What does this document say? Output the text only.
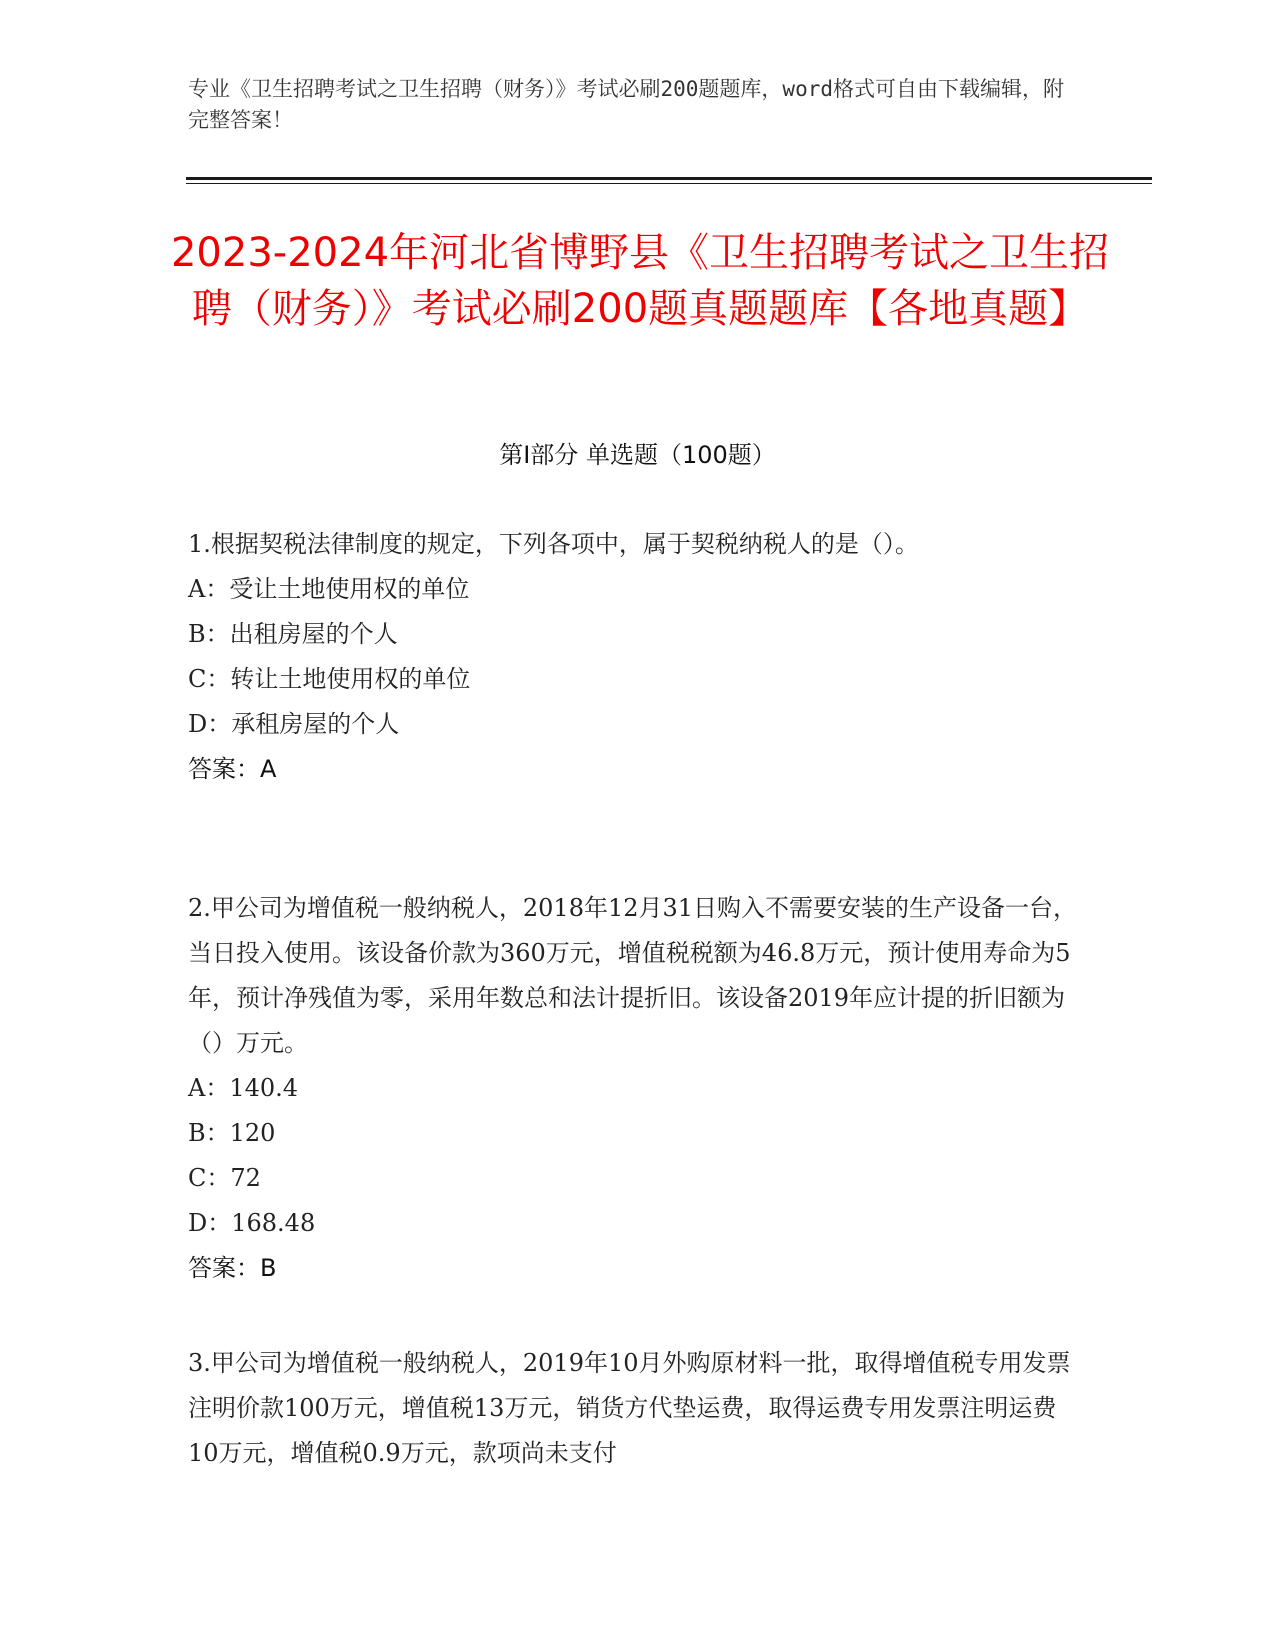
专业《卫生招聘考试之卫生招聘（财务）》考试必刷200题题库，word格式可自由下载编辑，附完整答案！
2023-2024年河北省博野县《卫生招聘考试之卫生招聘（财务）》考试必刷200题真题题库【各地真题】
第Ⅰ部分 单选题（100题）

1.根据契税法律制度的规定，下列各项中，属于契税纳税人的是（）。

A：受让土地使用权的单位

B：出租房屋的个人

C：转让土地使用权的单位

D：承租房屋的个人

答案：A

2.甲公司为增值税一般纳税人，2018年12月31日购入不需要安装的生产设备一台，当日投入使用。该设备价款为360万元，增值税税额为46.8万元，预计使用寿命为5年，预计净残值为零，采用年数总和法计提折旧。该设备2019年应计提的折旧额为（）万元。

A：140.4

B：120

C：72

D：168.48

答案：B

3.甲公司为增值税一般纳税人，2019年10月外购原材料一批，取得增值税专用发票注明价款100万元，增值税13万元，销货方代垫运费，取得运费专用发票注明运费10万元，增值税0.9万元，款项尚未支付
